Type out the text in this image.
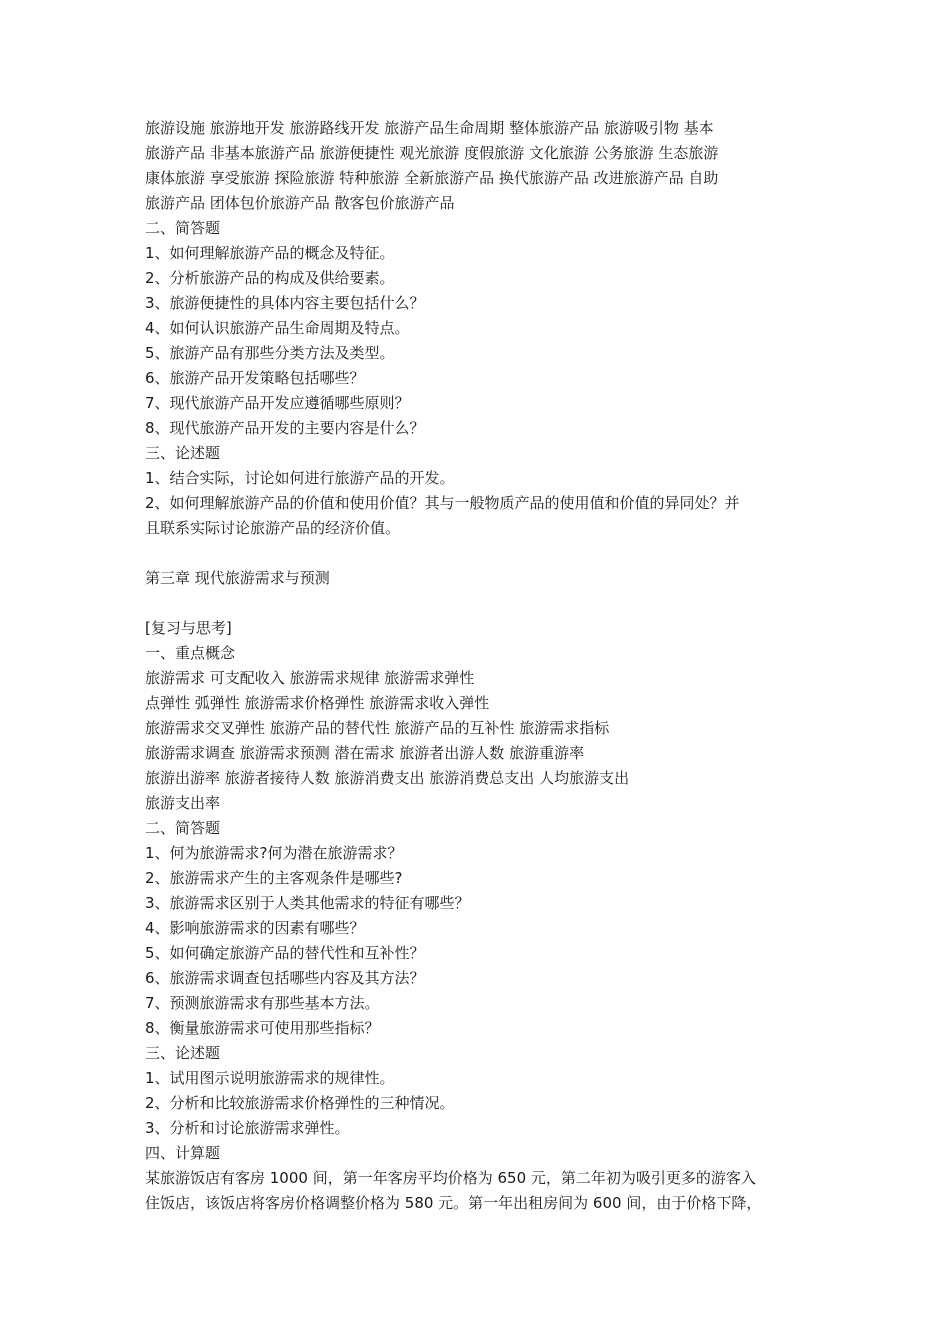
旅游设施 旅游地开发 旅游路线开发 旅游产品生命周期 整体旅游产品 旅游吸引物 基本
旅游产品 非基本旅游产品 旅游便捷性 观光旅游 度假旅游 文化旅游 公务旅游 生态旅游
康体旅游 享受旅游 探险旅游 特种旅游 全新旅游产品 换代旅游产品 改进旅游产品 自助
旅游产品 团体包价旅游产品 散客包价旅游产品
二、简答题
1、如何理解旅游产品的概念及特征。
2、分析旅游产品的构成及供给要素。
3、旅游便捷性的具体内容主要包括什么？
4、如何认识旅游产品生命周期及特点。
5、旅游产品有那些分类方法及类型。
6、旅游产品开发策略包括哪些？
7、现代旅游产品开发应遵循哪些原则？
8、现代旅游产品开发的主要内容是什么？
三、论述题
1、结合实际，讨论如何进行旅游产品的开发。
2、如何理解旅游产品的价值和使用价值？其与一般物质产品的使用值和价值的异同处？并
且联系实际讨论旅游产品的经济价值。
第三章 现代旅游需求与预测
[复习与思考]
一、重点概念
旅游需求 可支配收入 旅游需求规律 旅游需求弹性
点弹性 弧弹性 旅游需求价格弹性 旅游需求收入弹性
旅游需求交叉弹性 旅游产品的替代性 旅游产品的互补性 旅游需求指标
旅游需求调查 旅游需求预测 潜在需求 旅游者出游人数 旅游重游率
旅游出游率 旅游者接待人数 旅游消费支出 旅游消费总支出 人均旅游支出
旅游支出率
二、简答题
1、何为旅游需求?何为潜在旅游需求？
2、旅游需求产生的主客观条件是哪些?
3、旅游需求区别于人类其他需求的特征有哪些？
4、影响旅游需求的因素有哪些？
5、如何确定旅游产品的替代性和互补性？
6、旅游需求调查包括哪些内容及其方法？
7、预测旅游需求有那些基本方法。
8、衡量旅游需求可使用那些指标？
三、论述题
1、试用图示说明旅游需求的规律性。
2、分析和比较旅游需求价格弹性的三种情况。
3、分析和讨论旅游需求弹性。
四、计算题
某旅游饭店有客房 1000 间，第一年客房平均价格为 650 元，第二年初为吸引更多的游客入
住饭店，该饭店将客房价格调整价格为 580 元。第一年出租房间为 600 间，由于价格下降，
